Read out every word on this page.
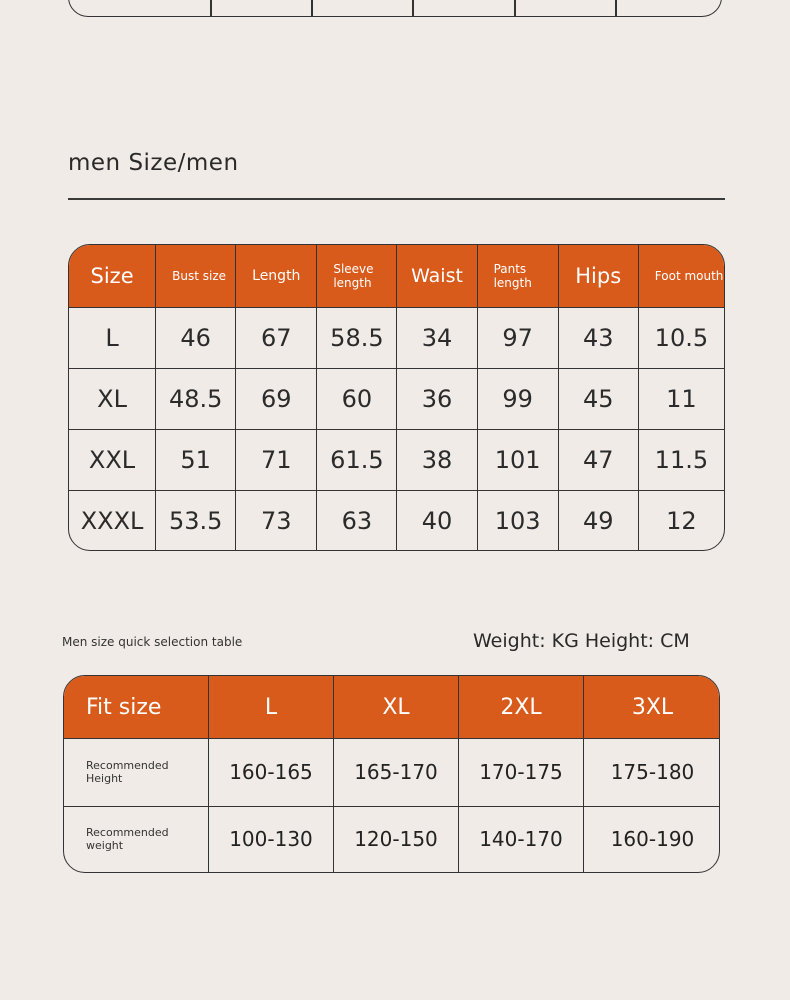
men Size/men
Size	Bust size	Length	Sleeve length	Waist	Pants length	Hips	Foot mouth
L	46	67	58.5	34	97	43	10.5
XL	48.5	69	60	36	99	45	11
XXL	51	71	61.5	38	101	47	11.5
XXXL	53.5	73	63	40	103	49	12
Men size quick selection table	Weight: KG Height: CM
Fit size	L	XL	2XL	3XL
Recommended Height	160-165	165-170	170-175	175-180
Recommended weight	100-130	120-150	140-170	160-190
